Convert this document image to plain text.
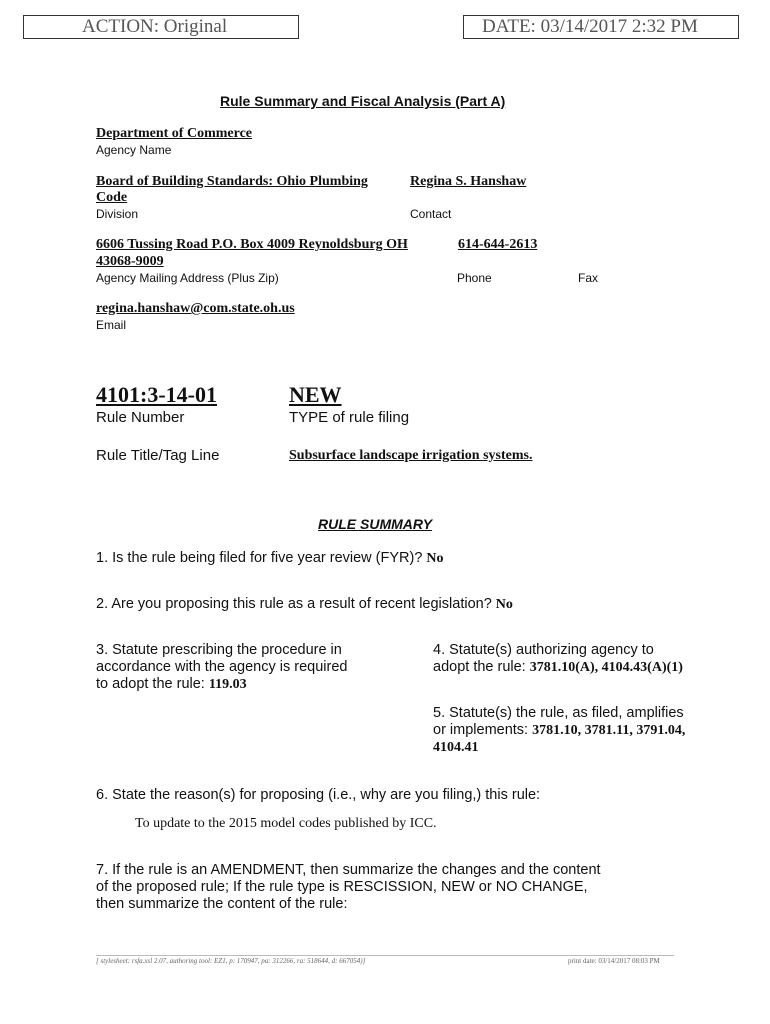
ACTION: Original	DATE: 03/14/2017 2:32 PM
Rule Summary and Fiscal Analysis (Part A)
Department of Commerce
Agency Name
Board of Building Standards: Ohio Plumbing	Regina S. Hanshaw
Code
Division	Contact
6606 Tussing Road P.O. Box 4009 Reynoldsburg OH	614-644-2613
43068-9009
Agency Mailing Address (Plus Zip)	Phone	Fax
regina.hanshaw@com.state.oh.us
Email
4101:3-14-01	NEW
Rule Number	TYPE of rule filing
Rule Title/Tag Line	Subsurface landscape irrigation systems.
RULE SUMMARY
1. Is the rule being filed for five year review (FYR)? No
2. Are you proposing this rule as a result of recent legislation? No
3. Statute prescribing the procedure in
accordance with the agency is required
to adopt the rule: 119.03
4. Statute(s) authorizing agency to
adopt the rule: 3781.10(A), 4104.43(A)(1)
5. Statute(s) the rule, as filed, amplifies
or implements: 3781.10, 3781.11, 3791.04,
4104.41
6. State the reason(s) for proposing (i.e., why are you filing,) this rule:
To update to the 2015 model codes published by ICC.
7. If the rule is an AMENDMENT, then summarize the changes and the content
of the proposed rule; If the rule type is RESCISSION, NEW or NO CHANGE,
then summarize the content of the rule:
[ stylesheet: rsfa.xsl 2.07, authoring tool: EZ1, p: 170947, pa: 312266, ra: 518644, d: 667054)]	print date: 03/14/2017 08:03 PM
